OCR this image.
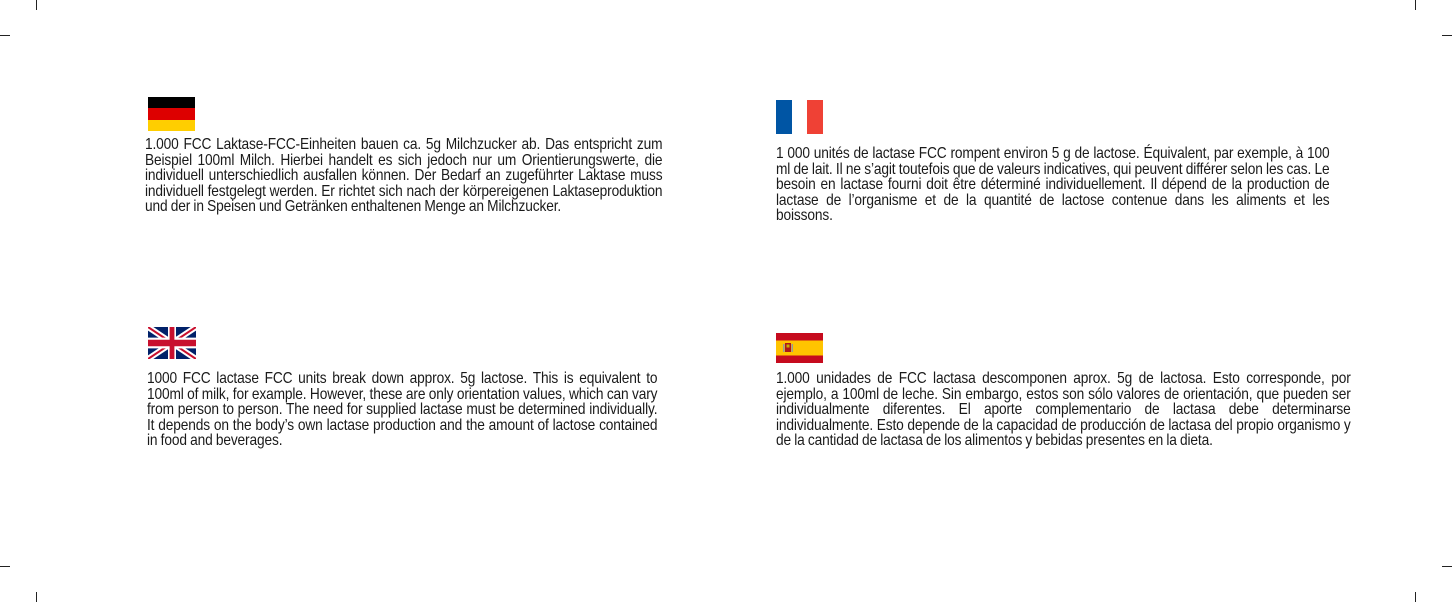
1.000 FCC Laktase-FCC-Einheiten bauen ca. 5g Milchzucker ab. Das entspricht zum Beispiel 100ml Milch. Hierbei handelt es sich jedoch nur um Orientierungswerte, die individuell unterschiedlich ausfallen können. Der Bedarf an zugeführter Laktase muss individuell festgelegt werden. Er richtet sich nach der körpereigenen Laktaseproduktion und der in Speisen und Getränken enthaltenen Menge an Milchzucker.

1 000 unités de lactase FCC rompent environ 5 g de lactose. Équivalent, par exemple, à 100 ml de lait. Il ne s’agit toutefois que de valeurs indicatives, qui peuvent différer selon les cas. Le besoin en lactase fourni doit être déterminé individuellement. Il dépend de la production de lactase de l’organisme et de la quantité de lactose contenue dans les aliments et les boissons.

1000 FCC lactase FCC units break down approx. 5g lactose. This is equivalent to 100ml of milk, for example. However, these are only orientation values, which can vary from person to person. The need for supplied lactase must be determined individually. It depends on the body’s own lactase production and the amount of lactose contained in food and beverages.

1.000 unidades de FCC lactasa descomponen aprox. 5g de lactosa. Esto corresponde, por ejemplo, a 100ml de leche. Sin embargo, estos son sólo valores de orientación, que pueden ser individualmente diferentes. El aporte complementario de lactasa debe determinarse individualmente. Esto depende de la capacidad de producción de lactasa del propio organismo y de la cantidad de lactasa de los alimentos y bebidas presentes en la dieta.
